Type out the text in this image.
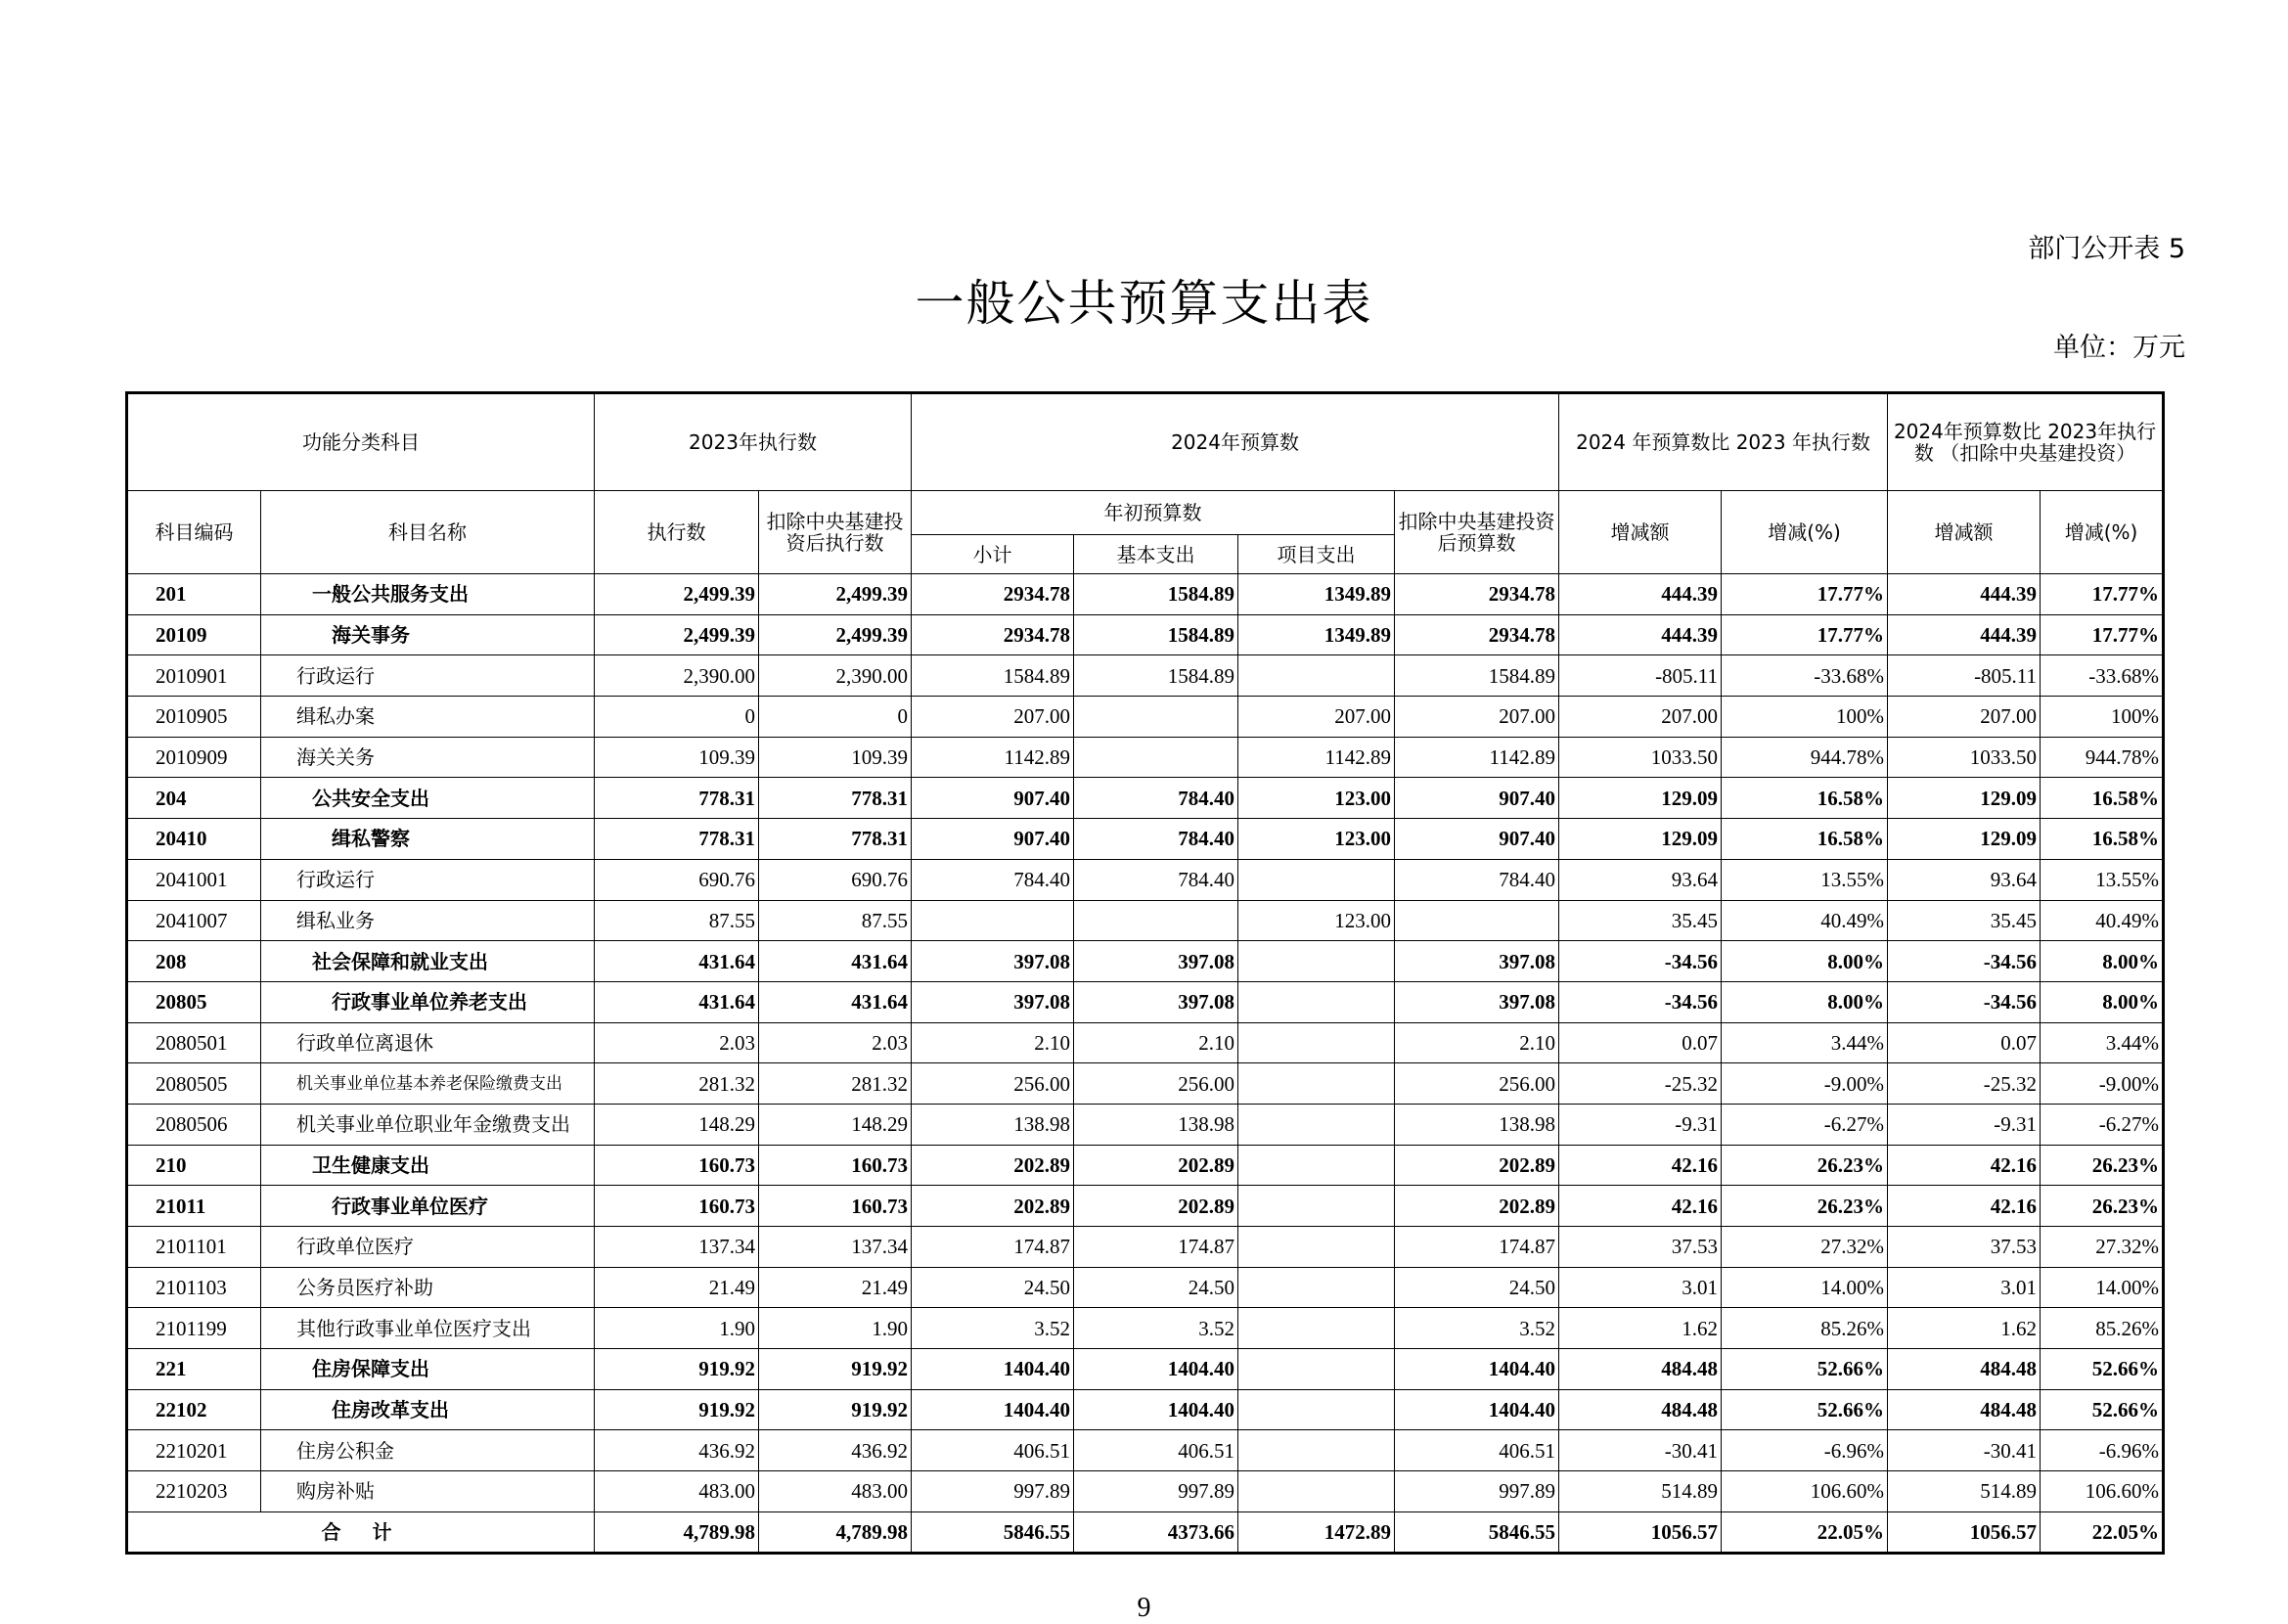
部门公开表 5
一般公共预算支出表
单位：万元
功能分类科目		2023年执行数		2024年预算数				2024 年预算数比 2023 年执行数		2024年预算数比 2023年执行数 （扣除中央基建投资）	
科目编码	科目名称	执行数	扣除中央基建投资后执行数	年初预算数			扣除中央基建投资后预算数	增减额	增减(%)	增减额	增减(%)
				小计	基本支出	项目支出					
201	一般公共服务支出	2,499.39	2,499.39	2934.78	1584.89	1349.89	2934.78	444.39	17.77%	444.39	17.77%
20109	海关事务	2,499.39	2,499.39	2934.78	1584.89	1349.89	2934.78	444.39	17.77%	444.39	17.77%
2010901	行政运行	2,390.00	2,390.00	1584.89	1584.89		1584.89	-805.11	-33.68%	-805.11	-33.68%
2010905	缉私办案	0	0	207.00		207.00	207.00	207.00	100%	207.00	100%
2010909	海关关务	109.39	109.39	1142.89		1142.89	1142.89	1033.50	944.78%	1033.50	944.78%
204	公共安全支出	778.31	778.31	907.40	784.40	123.00	907.40	129.09	16.58%	129.09	16.58%
20410	缉私警察	778.31	778.31	907.40	784.40	123.00	907.40	129.09	16.58%	129.09	16.58%
2041001	行政运行	690.76	690.76	784.40	784.40		784.40	93.64	13.55%	93.64	13.55%
2041007	缉私业务	87.55	87.55			123.00		35.45	40.49%	35.45	40.49%
208	社会保障和就业支出	431.64	431.64	397.08	397.08		397.08	-34.56	8.00%	-34.56	8.00%
20805	行政事业单位养老支出	431.64	431.64	397.08	397.08		397.08	-34.56	8.00%	-34.56	8.00%
2080501	行政单位离退休	2.03	2.03	2.10	2.10		2.10	0.07	3.44%	0.07	3.44%
2080505	机关事业单位基本养老保险缴费支出	281.32	281.32	256.00	256.00		256.00	-25.32	-9.00%	-25.32	-9.00%
2080506	机关事业单位职业年金缴费支出	148.29	148.29	138.98	138.98		138.98	-9.31	-6.27%	-9.31	-6.27%
210	卫生健康支出	160.73	160.73	202.89	202.89		202.89	42.16	26.23%	42.16	26.23%
21011	行政事业单位医疗	160.73	160.73	202.89	202.89		202.89	42.16	26.23%	42.16	26.23%
2101101	行政单位医疗	137.34	137.34	174.87	174.87		174.87	37.53	27.32%	37.53	27.32%
2101103	公务员医疗补助	21.49	21.49	24.50	24.50		24.50	3.01	14.00%	3.01	14.00%
2101199	其他行政事业单位医疗支出	1.90	1.90	3.52	3.52		3.52	1.62	85.26%	1.62	85.26%
221	住房保障支出	919.92	919.92	1404.40	1404.40		1404.40	484.48	52.66%	484.48	52.66%
22102	住房改革支出	919.92	919.92	1404.40	1404.40		1404.40	484.48	52.66%	484.48	52.66%
2210201	住房公积金	436.92	436.92	406.51	406.51		406.51	-30.41	-6.96%	-30.41	-6.96%
2210203	购房补贴	483.00	483.00	997.89	997.89		997.89	514.89	106.60%	514.89	106.60%
合　计		4,789.98	4,789.98	5846.55	4373.66	1472.89	5846.55	1056.57	22.05%	1056.57	22.05%
9
